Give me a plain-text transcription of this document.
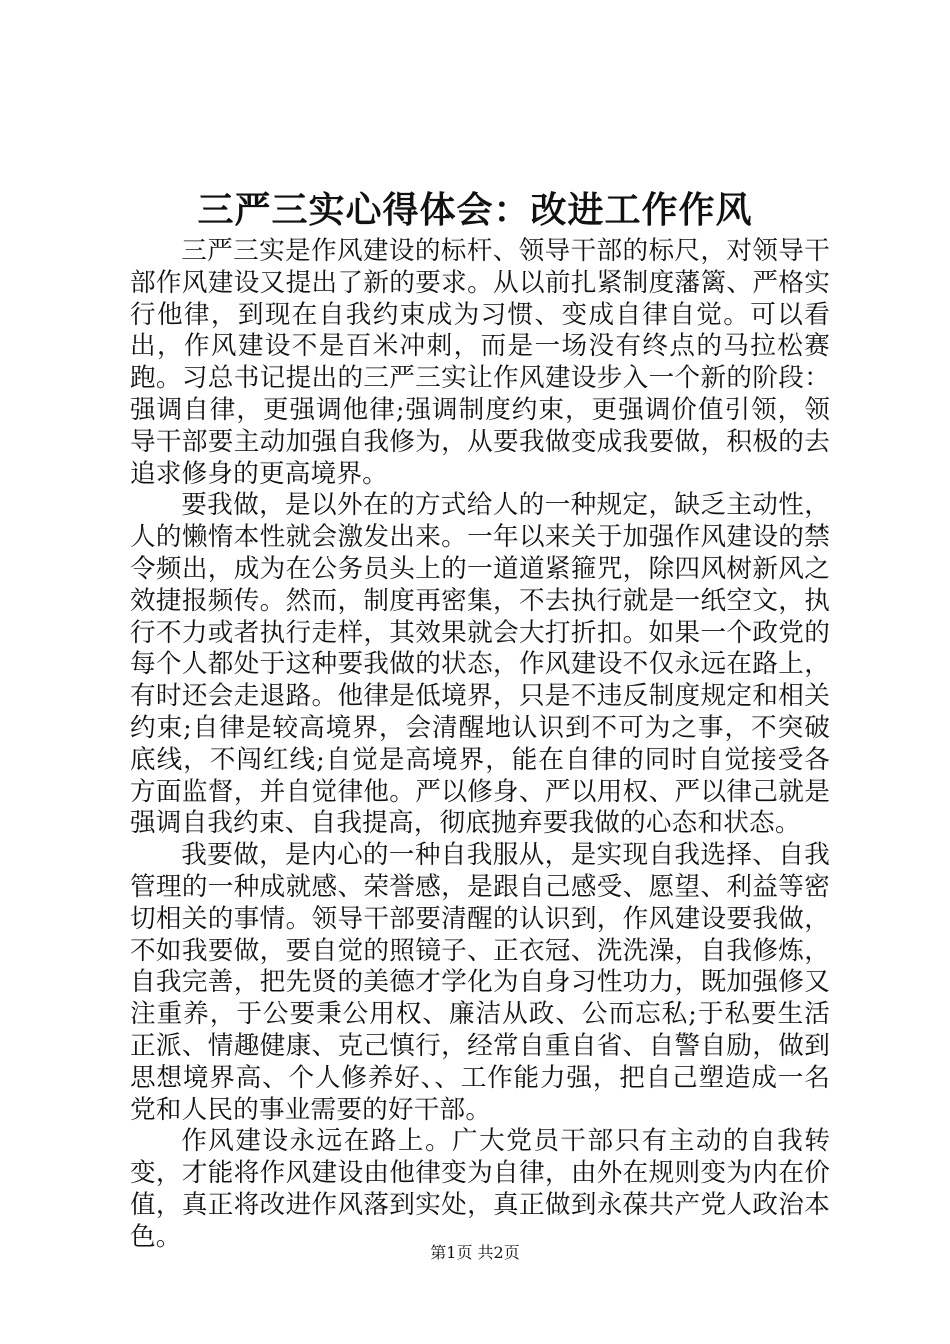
三严三实心得体会：改进工作作风

三严三实是作风建设的标杆、领导干部的标尺，对领导干部作风建设又提出了新的要求。从以前扎紧制度藩篱、严格实行他律，到现在自我约束成为习惯、变成自律自觉。可以看出，作风建设不是百米冲刺，而是一场没有终点的马拉松赛跑。习总书记提出的三严三实让作风建设步入一个新的阶段：强调自律，更强调他律;强调制度约束，更强调价值引领，领导干部要主动加强自我修为，从要我做变成我要做，积极的去追求修身的更高境界。

要我做，是以外在的方式给人的一种规定，缺乏主动性，人的懒惰本性就会激发出来。一年以来关于加强作风建设的禁令频出，成为在公务员头上的一道道紧箍咒，除四风树新风之效捷报频传。然而，制度再密集，不去执行就是一纸空文，执行不力或者执行走样，其效果就会大打折扣。如果一个政党的每个人都处于这种要我做的状态，作风建设不仅永远在路上，有时还会走退路。他律是低境界，只是不违反制度规定和相关约束;自律是较高境界，会清醒地认识到不可为之事，不突破底线，不闯红线;自觉是高境界，能在自律的同时自觉接受各方面监督，并自觉律他。严以修身、严以用权、严以律己就是强调自我约束、自我提高，彻底抛弃要我做的心态和状态。

我要做，是内心的一种自我服从，是实现自我选择、自我管理的一种成就感、荣誉感，是跟自己感受、愿望、利益等密切相关的事情。领导干部要清醒的认识到，作风建设要我做，不如我要做，要自觉的照镜子、正衣冠、洗洗澡，自我修炼，自我完善，把先贤的美德才学化为自身习性功力，既加强修又注重养，于公要秉公用权、廉洁从政、公而忘私;于私要生活正派、情趣健康、克己慎行，经常自重自省、自警自励，做到思想境界高、个人修养好、、工作能力强，把自己塑造成一名党和人民的事业需要的好干部。

作风建设永远在路上。广大党员干部只有主动的自我转变，才能将作风建设由他律变为自律，由外在规则变为内在价值，真正将改进作风落到实处，真正做到永葆共产党人政治本色。

第1页 共2页
